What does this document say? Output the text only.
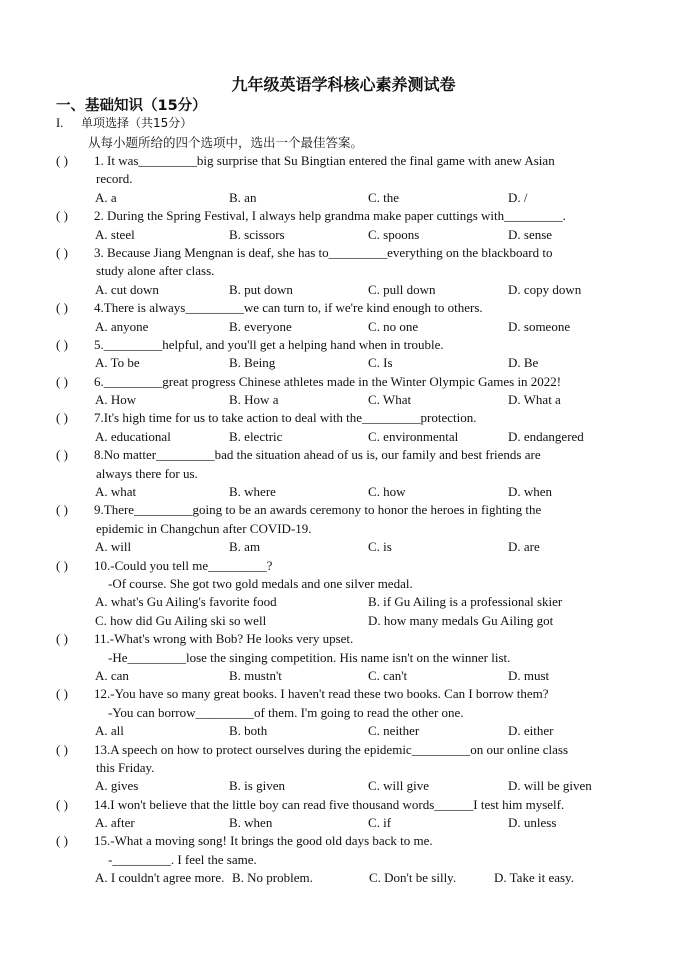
九年级英语学科核心素养测试卷
一、基础知识（15分）
I. 单项选择（共15分）
从每小题所给的四个选项中，选出一个最佳答案。
( )	1. It was_________big surprise that Su Bingtian entered the final game with anew Asian
record.
A. a	B. an	C. the	D. /
( )	2. During the Spring Festival, I always help grandma make paper cuttings with_________.
A. steel	B. scissors	C. spoons	D. sense
( )	3. Because Jiang Mengnan is deaf, she has to_________everything on the blackboard to
study alone after class.
A. cut down	B. put down	C. pull down	D. copy down
( )	4.There is always_________we can turn to, if we're kind enough to others.
A. anyone	B. everyone	C. no one	D. someone
( )	5._________helpful, and you'll get a helping hand when in trouble.
A. To be	B. Being	C. Is	D. Be
( )	6._________great progress Chinese athletes made in the Winter Olympic Games in 2022!
A. How	B. How a	C. What	D. What a
( )	7.It's high time for us to take action to deal with the_________protection.
A. educational	B. electric	C. environmental	D. endangered
( )	8.No matter_________bad the situation ahead of us is, our family and best friends are
always there for us.
A. what	B. where	C. how	D. when
( )	9.There_________going to be an awards ceremony to honor the heroes in fighting the
epidemic in Changchun after COVID-19.
A. will	B. am	C. is	D. are
( )	10.-Could you tell me_________?
-Of course. She got two gold medals and one silver medal.
A. what's Gu Ailing's favorite food	B. if Gu Ailing is a professional skier
C. how did Gu Ailing ski so well	D. how many medals Gu Ailing got
( )	11.-What's wrong with Bob? He looks very upset.
-He_________lose the singing competition. His name isn't on the winner list.
A. can	B. mustn't	C. can't	D. must
( )	12.-You have so many great books. I haven't read these two books. Can I borrow them?
-You can borrow_________of them. I'm going to read the other one.
A. all	B. both	C. neither	D. either
( )	13.A speech on how to protect ourselves during the epidemic_________on our online class
this Friday.
A. gives	B. is given	C. will give	D. will be given
( )	14.I won't believe that the little boy can read five thousand words______I test him myself.
A. after	B. when	C. if	D. unless
( )	15.-What a moving song! It brings the good old days back to me.
-_________. I feel the same.
A. I couldn't agree more. B. No problem.	C. Don't be silly.	D. Take it easy.
